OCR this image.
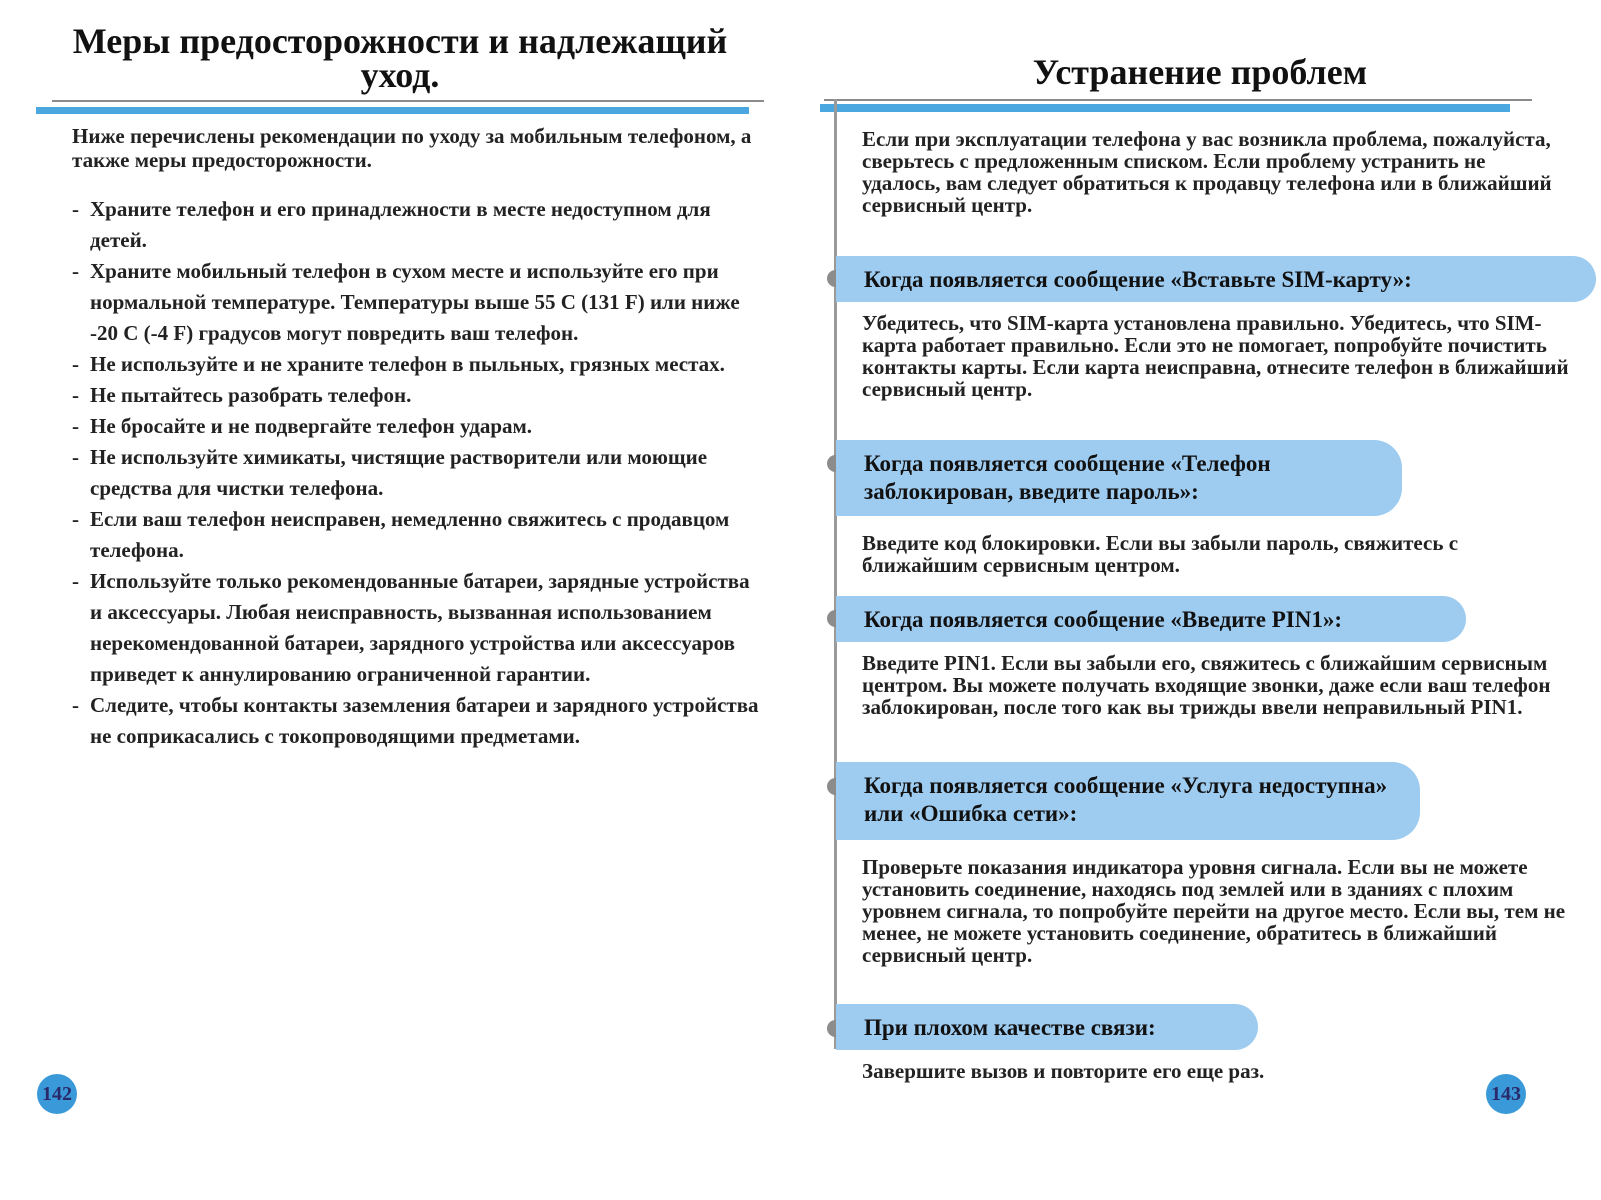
Меры предосторожности и надлежащий уход.

Ниже перечислены рекомендации по уходу за мобильным телефоном, а также меры предосторожности.

- Храните телефон и его принадлежности в месте недоступном для детей.
- Храните мобильный телефон в сухом месте и используйте его при нормальной температуре. Температуры выше 55 С (131 F) или ниже -20 С (-4 F) градусов могут повредить ваш телефон.
- Не используйте и не храните телефон в пыльных, грязных местах.
- Не пытайтесь разобрать телефон.
- Не бросайте и не подвергайте телефон ударам.
- Не используйте химикаты, чистящие растворители или моющие средства для чистки телефона.
- Если ваш телефон неисправен, немедленно свяжитесь с продавцом телефона.
- Используйте только рекомендованные батареи, зарядные устройства и аксессуары. Любая неисправность, вызванная использованием нерекомендованной батареи, зарядного устройства или аксессуаров приведет к аннулированию ограниченной гарантии.
- Следите, чтобы контакты заземления батареи и зарядного устройства не соприкасались с токопроводящими предметами.
142
Устранение проблем

Если при эксплуатации телефона у вас возникла проблема, пожалуйста, сверьтесь с предложенным списком. Если проблему устранить не удалось, вам следует обратиться к продавцу телефона или в ближайший сервисный центр.

Когда появляется сообщение «Вставьте SIM-карту»:

Убедитесь, что SIM-карта установлена правильно. Убедитесь, что SIM-карта работает правильно. Если это не помогает, попробуйте почистить контакты карты. Если карта неисправна, отнесите телефон в ближайший сервисный центр.

Когда появляется сообщение «Телефон заблокирован, введите пароль»:

Введите код блокировки. Если вы забыли пароль, свяжитесь с ближайшим сервисным центром.

Когда появляется сообщение «Введите PIN1»:

Введите PIN1. Если вы забыли его, свяжитесь с ближайшим сервисным центром. Вы можете получать входящие звонки, даже если ваш телефон заблокирован, после того как вы трижды ввели неправильный PIN1.

Когда появляется сообщение «Услуга недоступна» или «Ошибка сети»:

Проверьте показания индикатора уровня сигнала. Если вы не можете установить соединение, находясь под землей или в зданиях с плохим уровнем сигнала, то попробуйте перейти на другое место. Если вы, тем не менее, не можете установить соединение, обратитесь в ближайший сервисный центр.

При плохом качестве связи:

Завершите вызов и повторите его еще раз.

143
